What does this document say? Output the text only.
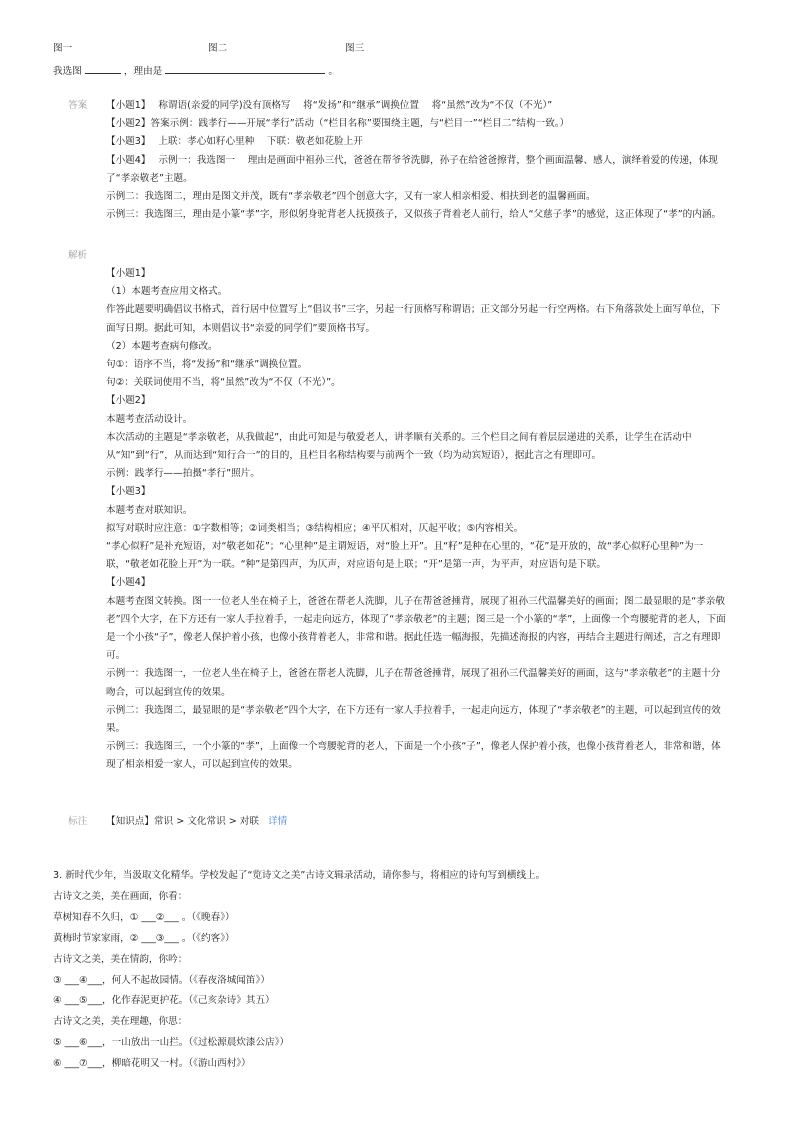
图一	图二	图三
我选图	，理由是	。
答案 【小题1】　 称谓语(亲爱的同学)没有顶格写　 将“发扬”和“继承”调换位置　 将“虽然”改为“不仅（不光）”

【小题2】答案示例：践孝行——开展“孝行”活动（“栏目名称”要围绕主题，与“栏目一”“栏目二”结构一致。）

【小题3】　 上联：孝心如籽心里种　 下联：敬老如花脸上开

【小题4】　 示例一：我选图一　 理由是画面中祖孙三代，爸爸在帮爷爷洗脚，孙子在给爸爸擦背，整个画面温馨、感人，演绎着爱的传递，体现了“孝亲敬老”主题。

示例二：我选图二，理由是图文并茂，既有“孝亲敬老”四个创意大字，又有一家人相亲相爱、相扶到老的温馨画面。

示例三：我选图三，理由是小篆“孝”字，形似躬身驼背老人抚摸孩子，又似孩子背着老人前行，给人“父慈子孝”的感觉，这正体现了“孝”的内涵。

解析

【小题1】

（1）本题考查应用文格式。

作答此题要明确倡议书格式，首行居中位置写上“倡议书”三字，另起一行顶格写称谓语；正文部分另起一行空两格。右下角落款处上面写单位，下面写日期。据此可知，本则倡议书“亲爱的同学们”要顶格书写。

（2）本题考查病句修改。

句①：语序不当，将“发扬”和“继承”调换位置。

句②：关联词使用不当，将“虽然”改为“不仅（不光）”。

【小题2】

本题考查活动设计。

本次活动的主题是“孝亲敬老，从我做起”，由此可知是与敬爱老人，讲孝顺有关系的。三个栏目之间有着层层递进的关系，让学生在活动中从“知”到“行”，从而达到“知行合一”的目的，且栏目名称结构要与前两个一致（均为动宾短语），据此言之有理即可。

示例：践孝行——拍摄“孝行”照片。

【小题3】

本题考查对联知识。

拟写对联时应注意：①字数相等；②词类相当；③结构相应；④平仄相对，仄起平收；⑤内容相关。

“孝心似籽”是补充短语，对“敬老如花”；“心里种”是主谓短语，对“脸上开”。且“籽”是种在心里的，“花”是开放的，故“孝心似籽心里种”为一联，“敬老如花脸上开”为一联。“种”是第四声，为仄声，对应语句是上联；“开”是第一声，为平声，对应语句是下联。

【小题4】

本题考查图文转换。图一一位老人坐在椅子上，爸爸在帮老人洗脚，儿子在帮爸爸捶背，展现了祖孙三代温馨美好的画面；图二最显眼的是“孝亲敬老”四个大字，在下方还有一家人手拉着手，一起走向远方，体现了“孝亲敬老”的主题；图三是一个小篆的“孝”，上面像一个弯腰驼背的老人，下面是一个小孩“子”，像老人保护着小孩，也像小孩背着老人，非常和谐。据此任选一幅海报，先描述海报的内容，再结合主题进行阐述，言之有理即可。

示例一：我选图一，一位老人坐在椅子上，爸爸在帮老人洗脚，儿子在帮爸爸捶背，展现了祖孙三代温馨美好的画面，这与“孝亲敬老”的主题十分吻合，可以起到宣传的效果。

示例二：我选图二，最显眼的是“孝亲敬老”四个大字，在下方还有一家人手拉着手，一起走向远方，体现了“孝亲敬老”的主题，可以起到宣传的效果。

示例三：我选图三，一个小篆的“孝”，上面像一个弯腰驼背的老人，下面是一个小孩“子”，像老人保护着小孩，也像小孩背着老人，非常和谐，体现了相亲相爱一家人，可以起到宣传的效果。

标注 【知识点】常识 > 文化常识 > 对联 详情

3. 新时代少年，当汲取文化精华。学校发起了“览诗文之美”古诗文辑录活动，请你参与，将相应的诗句写到横线上。

古诗文之美，美在画面，你看：

草树知春不久归，① ___②___ 。（《晚春》）

黄梅时节家家雨，② ___③___ 。（《约客》）

古诗文之美，美在情韵，你吟：

③ ___④___，何人不起故园情。（《春夜洛城闻笛》）

④ ___⑤___，化作春泥更护花。（《己亥杂诗》其五）

古诗文之美，美在理趣，你思：

⑤ ___⑥___，一山放出一山拦。（《过松源晨炊漆公店》）

⑥ ___⑦___，柳暗花明又一村。（《游山西村》）
